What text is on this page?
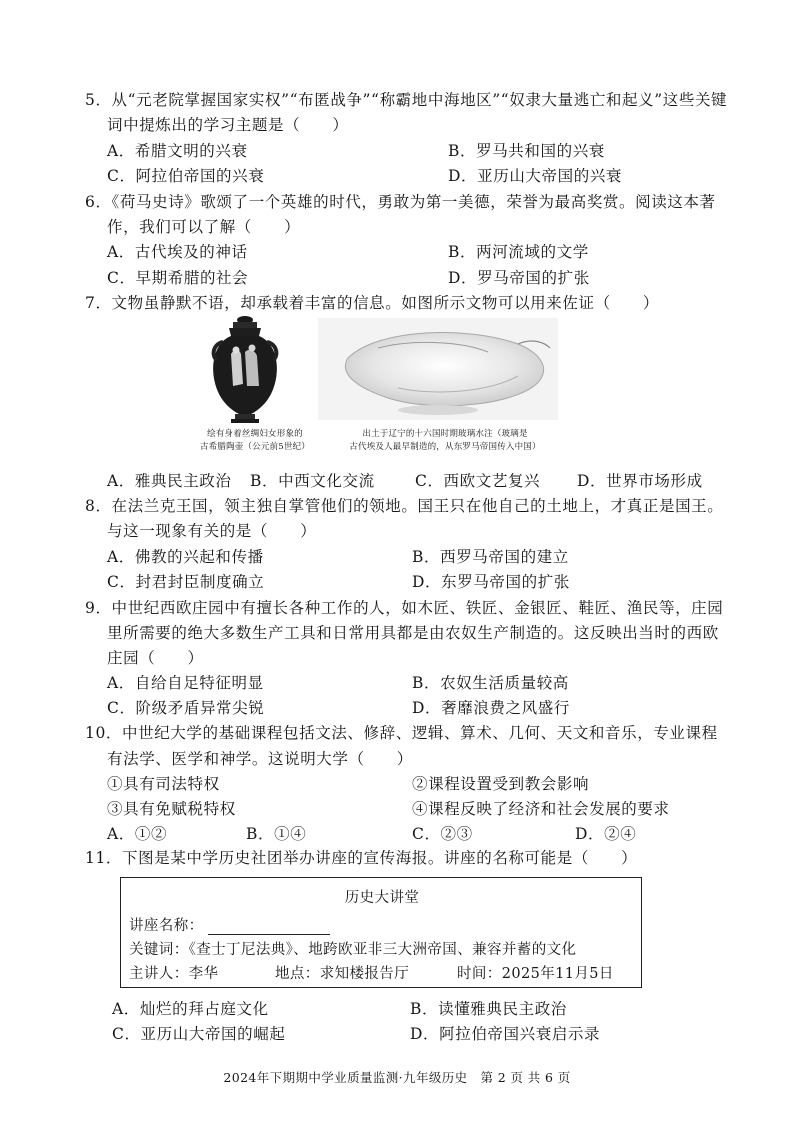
5．从“元老院掌握国家实权”“布匿战争”“称霸地中海地区”“奴隶大量逃亡和起义”这些关键
词中提炼出的学习主题是（　　）
A．希腊文明的兴衰	B．罗马共和国的兴衰
C．阿拉伯帝国的兴衰	D．亚历山大帝国的兴衰
6．《荷马史诗》歌颂了一个英雄的时代，勇敢为第一美德，荣誉为最高奖赏。阅读这本著
作，我们可以了解（　　）
A．古代埃及的神话	B．两河流域的文学
C．早期希腊的社会	D．罗马帝国的扩张
7．文物虽静默不语，却承载着丰富的信息。如图所示文物可以用来佐证（　　）
绘有身着丝绸妇女形象的
古希腊陶壶（公元前5世纪）
出土于辽宁的十六国时期玻璃水注（玻璃是
古代埃及人最早制造的，从东罗马帝国传入中国）
A．雅典民主政治 B．中西文化交流	C．西欧文艺复兴 D．世界市场形成
8．在法兰克王国，领主独自掌管他们的领地。国王只在他自己的土地上，才真正是国王。
与这一现象有关的是（　　）
A．佛教的兴起和传播	B．西罗马帝国的建立
C．封君封臣制度确立	D．东罗马帝国的扩张
9．中世纪西欧庄园中有擅长各种工作的人，如木匠、铁匠、金银匠、鞋匠、渔民等，庄园
里所需要的绝大多数生产工具和日常用具都是由农奴生产制造的。这反映出当时的西欧
庄园（　　）
A．自给自足特征明显	B．农奴生活质量较高
C．阶级矛盾异常尖锐	D．奢靡浪费之风盛行
10．中世纪大学的基础课程包括文法、修辞、逻辑、算术、几何、天文和音乐，专业课程
有法学、医学和神学。这说明大学（　　）
①具有司法特权	②课程设置受到教会影响
③具有免赋税特权	④课程反映了经济和社会发展的要求
A．①②	B．①④	C．②③	D．②④
11．下图是某中学历史社团举办讲座的宣传海报。讲座的名称可能是（　　）
历史大讲堂
讲座名称：
关键词：《查士丁尼法典》、地跨欧亚非三大洲帝国、兼容并蓄的文化
主讲人：李华	地点：求知楼报告厅	时间：2025年11月5日
A．灿烂的拜占庭文化	B．读懂雅典民主政治
C．亚历山大帝国的崛起	D．阿拉伯帝国兴衰启示录
2024年下期期中学业质量监测·九年级历史　第 2 页 共 6 页
